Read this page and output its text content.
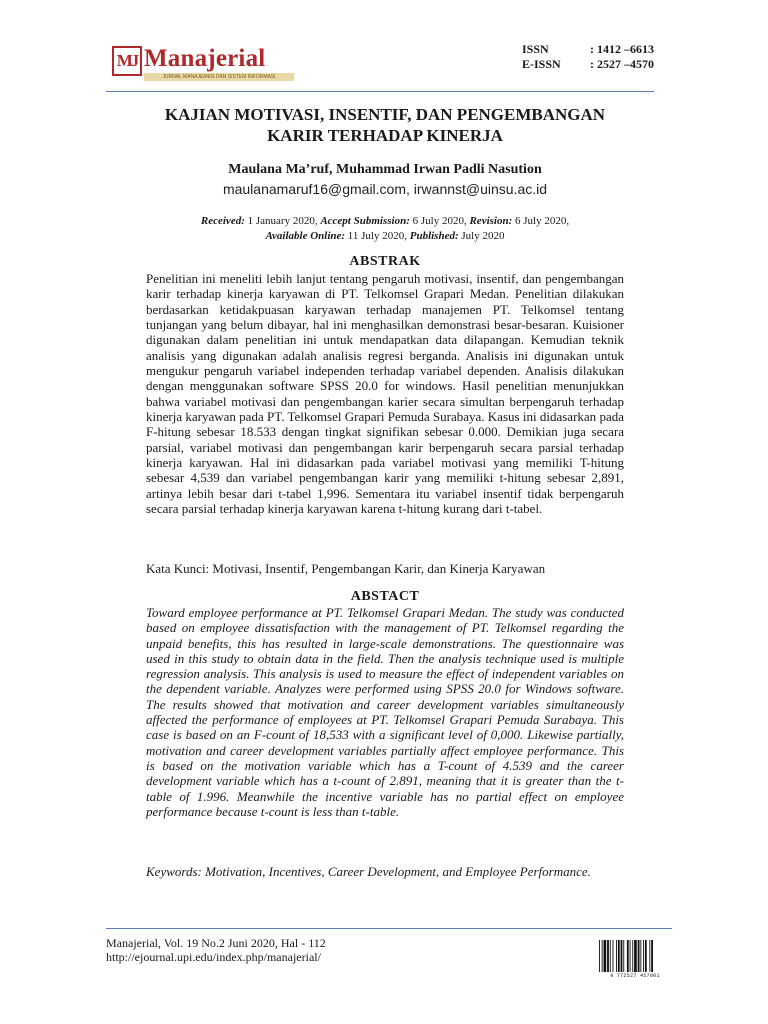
MJ Manajerial
JURNAL MANAJEMEN DAN SISTEM INFORMASI
ISSN	: 1412 –6613
E-ISSN	: 2527 –4570
KAJIAN MOTIVASI, INSENTIF, DAN PENGEMBANGAN
KARIR TERHADAP KINERJA
Maulana Ma’ruf, Muhammad Irwan Padli Nasution
maulanamaruf16@gmail.com, irwannst@uinsu.ac.id
Received: 1 January 2020, Accept Submission: 6 July 2020, Revision: 6 July 2020,
Available Online: 11 July 2020, Published: July 2020
ABSTRAK
Penelitian ini meneliti lebih lanjut tentang pengaruh motivasi, insentif, dan pengembangan karir terhadap kinerja karyawan di PT. Telkomsel Grapari Medan. Penelitian dilakukan berdasarkan ketidakpuasan karyawan terhadap manajemen PT. Telkomsel tentang tunjangan yang belum dibayar, hal ini menghasilkan demonstrasi besar-besaran. Kuisioner digunakan dalam penelitian ini untuk mendapatkan data dilapangan. Kemudian teknik analisis yang digunakan adalah analisis regresi berganda. Analisis ini digunakan untuk mengukur pengaruh variabel independen terhadap variabel dependen. Analisis dilakukan dengan menggunakan software SPSS 20.0 for windows. Hasil penelitian menunjukkan bahwa variabel motivasi dan pengembangan karier secara simultan berpengaruh terhadap kinerja karyawan pada PT. Telkomsel Grapari Pemuda Surabaya. Kasus ini didasarkan pada F-hitung sebesar 18.533 dengan tingkat signifikan sebesar 0.000. Demikian juga secara parsial, variabel motivasi dan pengembangan karir berpengaruh secara parsial terhadap kinerja karyawan. Hal ini didasarkan pada variabel motivasi yang memiliki T-hitung sebesar 4,539 dan variabel pengembangan karir yang memiliki t-hitung sebesar 2,891, artinya lebih besar dari t-tabel 1,996. Sementara itu variabel insentif tidak berpengaruh secara parsial terhadap kinerja karyawan karena t-hitung kurang dari t-tabel.
Kata Kunci: Motivasi, Insentif, Pengembangan Karir, dan Kinerja Karyawan
ABSTACT
Toward employee performance at PT. Telkomsel Grapari Medan. The study was conducted based on employee dissatisfaction with the management of PT. Telkomsel regarding the unpaid benefits, this has resulted in large-scale demonstrations. The questionnaire was used in this study to obtain data in the field. Then the analysis technique used is multiple regression analysis. This analysis is used to measure the effect of independent variables on the dependent variable. Analyzes were performed using SPSS 20.0 for Windows software. The results showed that motivation and career development variables simultaneously affected the performance of employees at PT. Telkomsel Grapari Pemuda Surabaya. This case is based on an F-count of 18,533 with a significant level of 0,000. Likewise partially, motivation and career development variables partially affect employee performance. This is based on the motivation variable which has a T-count of 4.539 and the career development variable which has a t-count of 2.891, meaning that it is greater than the t-table of 1.996. Meanwhile the incentive variable has no partial effect on employee performance because t-count is less than t-table.
Keywords: Motivation, Incentives, Career Development, and Employee Performance.
Manajerial, Vol. 19 No.2 Juni 2020, Hal - 112
http://ejournal.upi.edu/index.php/manajerial/
9 772527 457001
